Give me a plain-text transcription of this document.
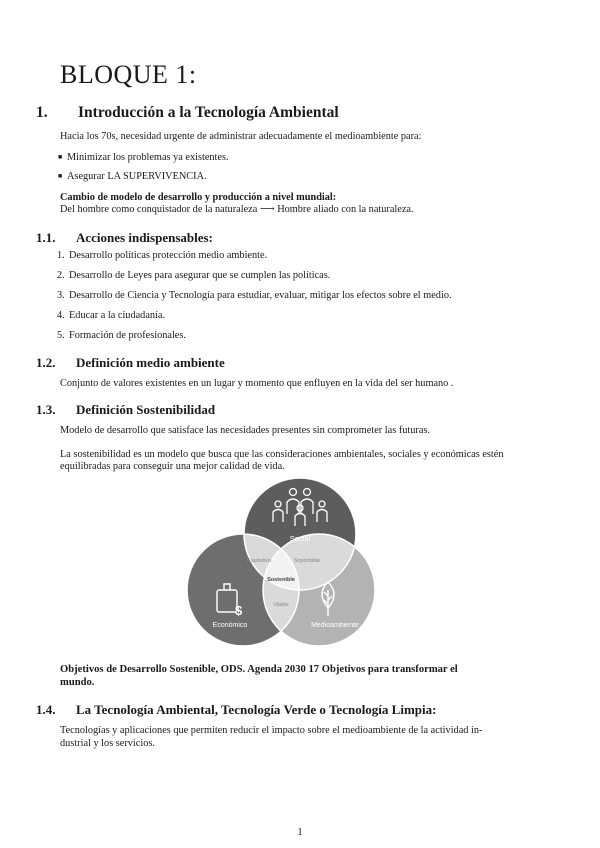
BLOQUE 1:
1. Introducción a la Tecnología Ambiental
Hacia los 70s, necesidad urgente de administrar adecuadamente el medioambiente para:
■ Minimizar los problemas ya existentes.
■ Asegurar LA SUPERVIVENCIA.
Cambio de modelo de desarrollo y producción a nivel mundial:
Del hombre como conquistador de la naturaleza ⟶ Hombre aliado con la naturaleza.
1.1. Acciones indispensables:
1. Desarrollo políticas protección medio ambiente.
2. Desarrollo de Leyes para asegurar que se cumplen las políticas.
3. Desarrollo de Ciencia y Tecnología para estudiar, evaluar, mitigar los efectos sobre el medio.
4. Educar a la ciudadanía.
5. Formación de profesionales.
1.2. Definición medio ambiente
Conjunto de valores existentes en un lugar y momento que enfluyen en la vida del ser humano .
1.3. Definición Sostenibilidad
Modelo de desarrollo que satisface las necesidades presentes sin comprometer las futuras.
La sostenibilidad es un modelo que busca que las consideraciones ambientales, sociales y económicas estén
equilibradas para conseguir una mejor calidad de vida.
$
Social
Económico	Medioambiente
Equitativo	Soportable
Sostenible
Viable
Objetivos de Desarrollo Sostenible, ODS. Agenda 2030 17 Objetivos para transformar el
mundo.
1.4. La Tecnología Ambiental, Tecnología Verde o Tecnología Limpia:
Tecnologías y aplicaciones que permiten reducir el impacto sobre el medioambiente de la actividad in-
dustrial y los servicios.
1
